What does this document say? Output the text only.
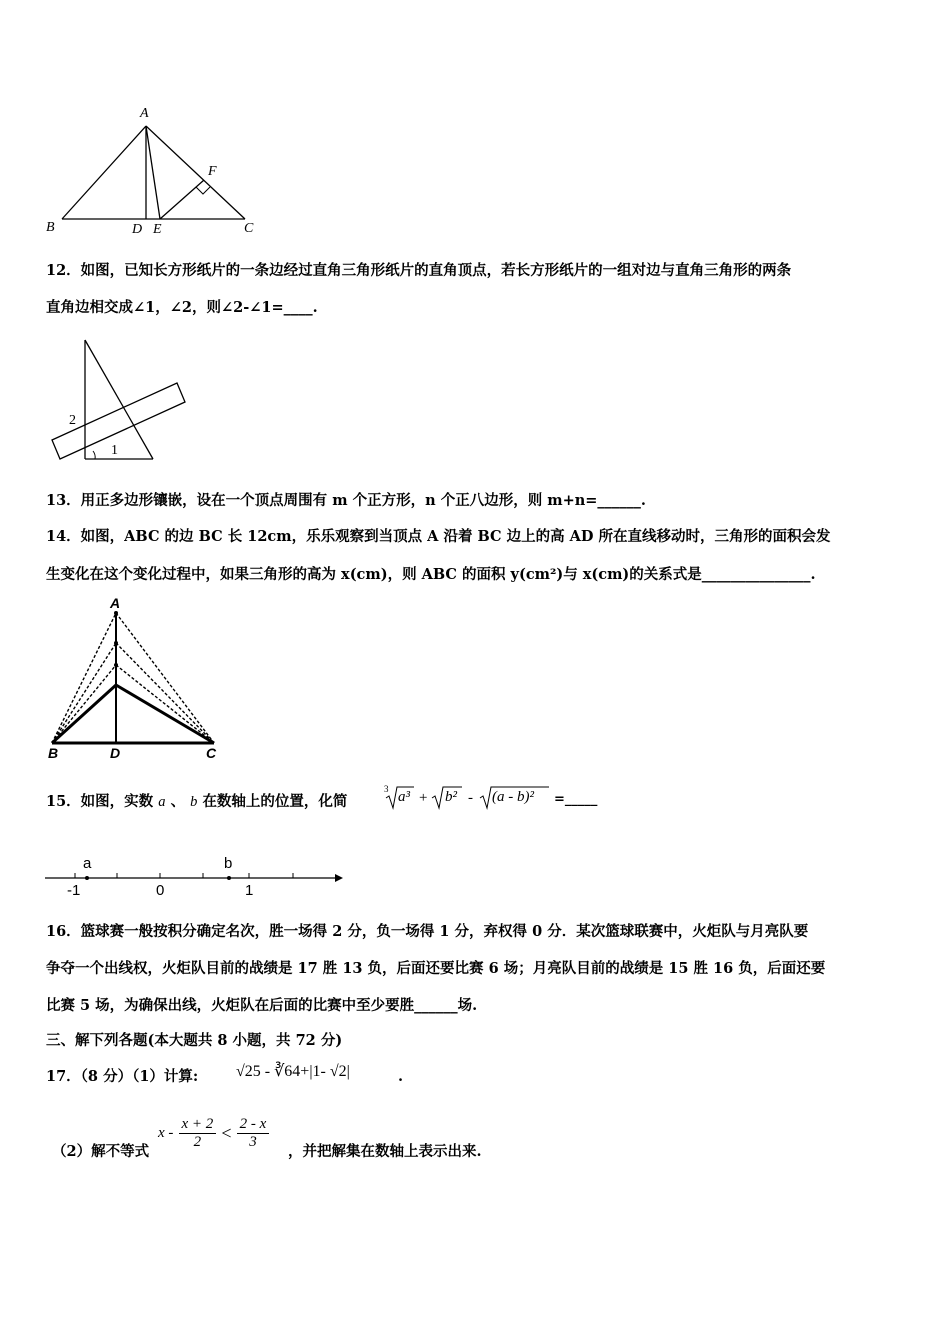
A
B	C
D E
F
12．如图，已知长方形纸片的一条边经过直角三角形纸片的直角顶点，若长方形纸片的一组对边与直角三角形的两条
直角边相交成∠1，∠2，则∠2-∠1=____.
2
1
13．用正多边形镶嵌，设在一个顶点周围有 m 个正方形，n 个正八边形，则 m+n=______.
14．如图，ABC 的边 BC 长 12cm，乐乐观察到当顶点 A 沿着 BC 边上的高 AD 所在直线移动时，三角形的面积会发
生变化在这个变化过程中，如果三角形的高为 x(cm)，则 ABC 的面积 y(cm²)与 x(cm)的关系式是_______________.
A
B	D	C
15．如图，实数 a 、 b 在数轴上的位置，化简
3 a³ + b² - (a - b)² =_____
a	b
-1	0	1
16．篮球赛一般按积分确定名次，胜一场得 2 分，负一场得 1 分，弃权得 0 分．某次篮球联赛中，火炬队与月亮队要
争夺一个出线权，火炬队目前的战绩是 17 胜 13 负，后面还要比赛 6 场；月亮队目前的战绩是 15 胜 16 负，后面还要
比赛 5 场，为确保出线，火炬队在后面的比赛中至少要胜______场.
三、解下列各题(本大题共 8 小题，共 72 分)
17．（8 分）（1）计算: √25 - ∛64+|1- √2|	.
（2）解不等式
$x - \frac{x + 2}{2} < \frac{2 - x}{3}$
，并把解集在数轴上表示出来.
